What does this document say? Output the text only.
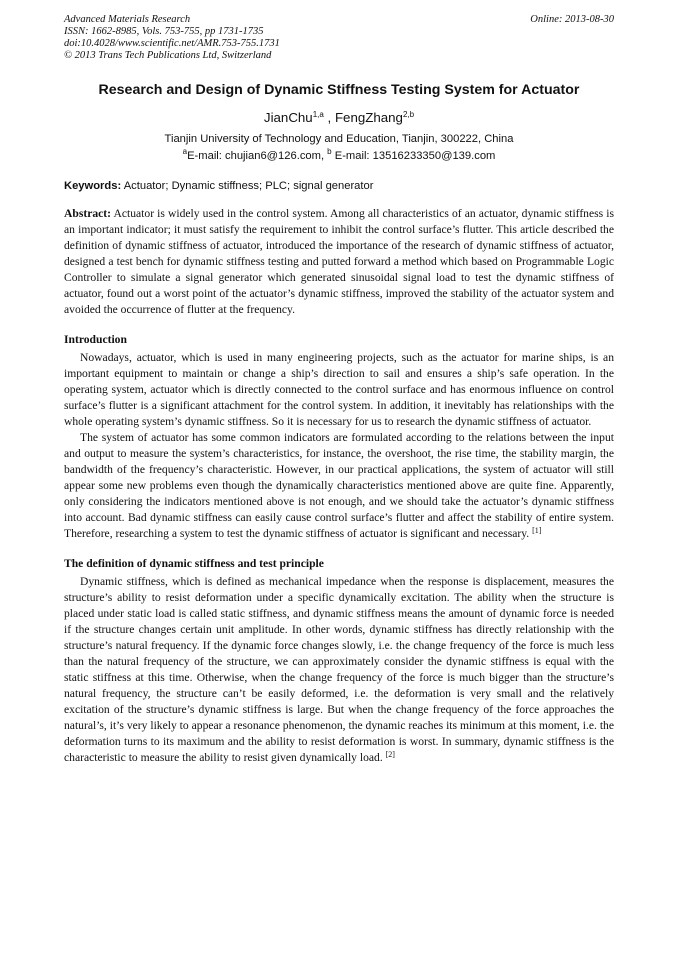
Advanced Materials Research
ISSN: 1662-8985, Vols. 753-755, pp 1731-1735
doi:10.4028/www.scientific.net/AMR.753-755.1731
© 2013 Trans Tech Publications Ltd, Switzerland
Online: 2013-08-30
Research and Design of Dynamic Stiffness Testing System for Actuator
JianChu$^{1,a}$ , FengZhang$^{2,b}$
Tianjin University of Technology and Education, Tianjin, 300222, China
$^a$E-mail: chujian6@126.com, $^b$ E-mail: 13516233350@139.com
Keywords: Actuator; Dynamic stiffness; PLC; signal generator

Abstract: Actuator is widely used in the control system. Among all characteristics of an actuator, dynamic stiffness is an important indicator; it must satisfy the requirement to inhibit the control surface’s flutter. This article described the definition of dynamic stiffness of actuator, introduced the importance of the research of dynamic stiffness of actuator, designed a test bench for dynamic stiffness testing and putted forward a method which based on Programmable Logic Controller to simulate a signal generator which generated sinusoidal signal load to test the dynamic stiffness of actuator, found out a worst point of the actuator’s dynamic stiffness, improved the stability of the actuator system and avoided the occurrence of flutter at the frequency.

Introduction

Nowadays, actuator, which is used in many engineering projects, such as the actuator for marine ships, is an important equipment to maintain or change a ship’s direction to sail and ensures a ship’s safe operation. In the operating system, actuator which is directly connected to the control surface and has enormous influence on control surface’s flutter is a significant attachment for the control system. In addition, it inevitably has relationships with the whole operating system’s dynamic stiffness. So it is necessary for us to research the dynamic stiffness of actuator.

The system of actuator has some common indicators are formulated according to the relations between the input and output to measure the system’s characteristics, for instance, the overshoot, the rise time, the stability margin, the bandwidth of the frequency’s characteristic. However, in our practical applications, the system of actuator will still appear some new problems even though the dynamically characteristics mentioned above are quite fine. Apparently, only considering the indicators mentioned above is not enough, and we should take the actuator’s dynamic stiffness into account. Bad dynamic stiffness can easily cause control surface’s flutter and affect the stability of entire system. Therefore, researching a system to test the dynamic stiffness of actuator is significant and necessary. [1]

The definition of dynamic stiffness and test principle

Dynamic stiffness, which is defined as mechanical impedance when the response is displacement, measures the structure’s ability to resist deformation under a specific dynamically excitation. The ability when the structure is placed under static load is called static stiffness, and dynamic stiffness means the amount of dynamic force is needed if the structure changes certain unit amplitude. In other words, dynamic stiffness has directly relationship with the structure’s natural frequency. If the dynamic force changes slowly, i.e. the change frequency of the force is much less than the natural frequency of the structure, we can approximately consider the dynamic stiffness is equal with the static stiffness at this time. Otherwise, when the change frequency of the force is much bigger than the structure’s natural frequency, the structure can’t be easily deformed, i.e. the deformation is very small and the relatively excitation of the structure’s dynamic stiffness is large. But when the change frequency of the force approaches the natural’s, it’s very likely to appear a resonance phenomenon, the dynamic reaches its minimum at this moment, i.e. the deformation turns to its maximum and the ability to resist deformation is worst. In summary, dynamic stiffness is the characteristic to measure the ability to resist given dynamically load. [2]
